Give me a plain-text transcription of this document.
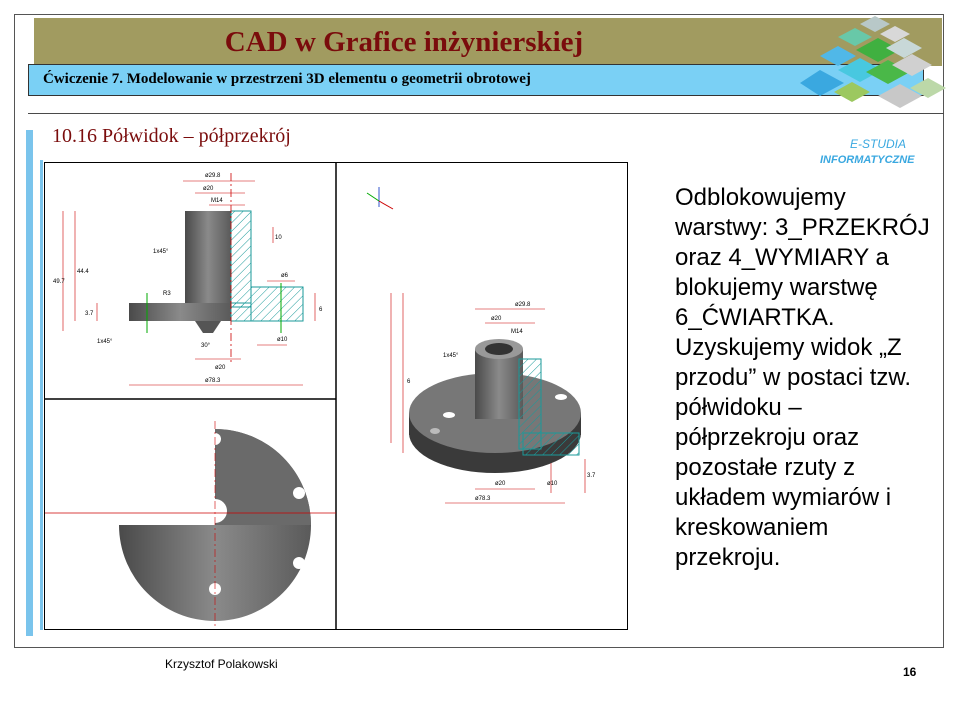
CAD w Grafice inżynierskiej
Ćwiczenie 7. Modelowanie w przestrzeni 3D elementu o geometrii obrotowej
10.16 Półwidok – półprzekrój	E-STUDIA
INFORMATYCZNE
ø29.8
ø20
M14
10
1x45°
44.4
49.7
R3
ø6
3.7
6
1x45°
30°
ø10
ø20
ø78.3
ø29.8
ø20
M14
1x45°
ø10
ø20
ø78.3
6
3.7
Odblokowujemy warstwy: 3_PRZEKRÓJ oraz 4_WYMIARY a blokujemy warstwę 6_ĆWIARTKA. Uzyskujemy widok „Z przodu” w postaci tzw. półwidoku – półprzekroju oraz pozostałe rzuty z układem wymiarów i kreskowaniem przekroju.
Krzysztof Polakowski
16
